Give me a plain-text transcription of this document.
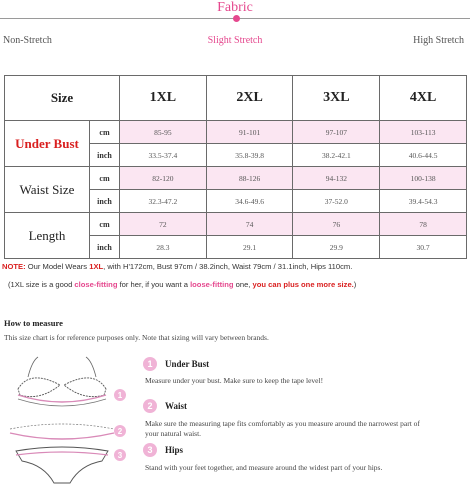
Fabric
Non-Stretch	Slight Stretch	High Stretch
Size		1XL	2XL	3XL	4XL
Under Bust	cm	85-95	91-101	97-107	103-113
	inch	33.5-37.4	35.8-39.8	38.2-42.1	40.6-44.5
Waist Size	cm	82-120	88-126	94-132	100-138
	inch	32.3-47.2	34.6-49.6	37-52.0	39.4-54.3
Length	cm	72	74	76	78
	inch	28.3	29.1	29.9	30.7
NOTE: Our Model Wears 1XL, with H'172cm, Bust 97cm / 38.2inch, Waist 79cm / 31.1inch, Hips 110cm.
(1XL size is a good close-fitting for her, if you want a loose-fitting one, you can plus one more size.)
How to measure
This size chart is for reference purposes only. Note that sizing will vary between brands.
1
2
3
1	Under Bust
Measure under your bust. Make sure to keep the tape level!
2	Waist
Make sure the measuring tape fits comfortably as you measure around the narrowest part of your natural waist.
3	Hips
Stand with your feet together, and measure around the widest part of your hips.
